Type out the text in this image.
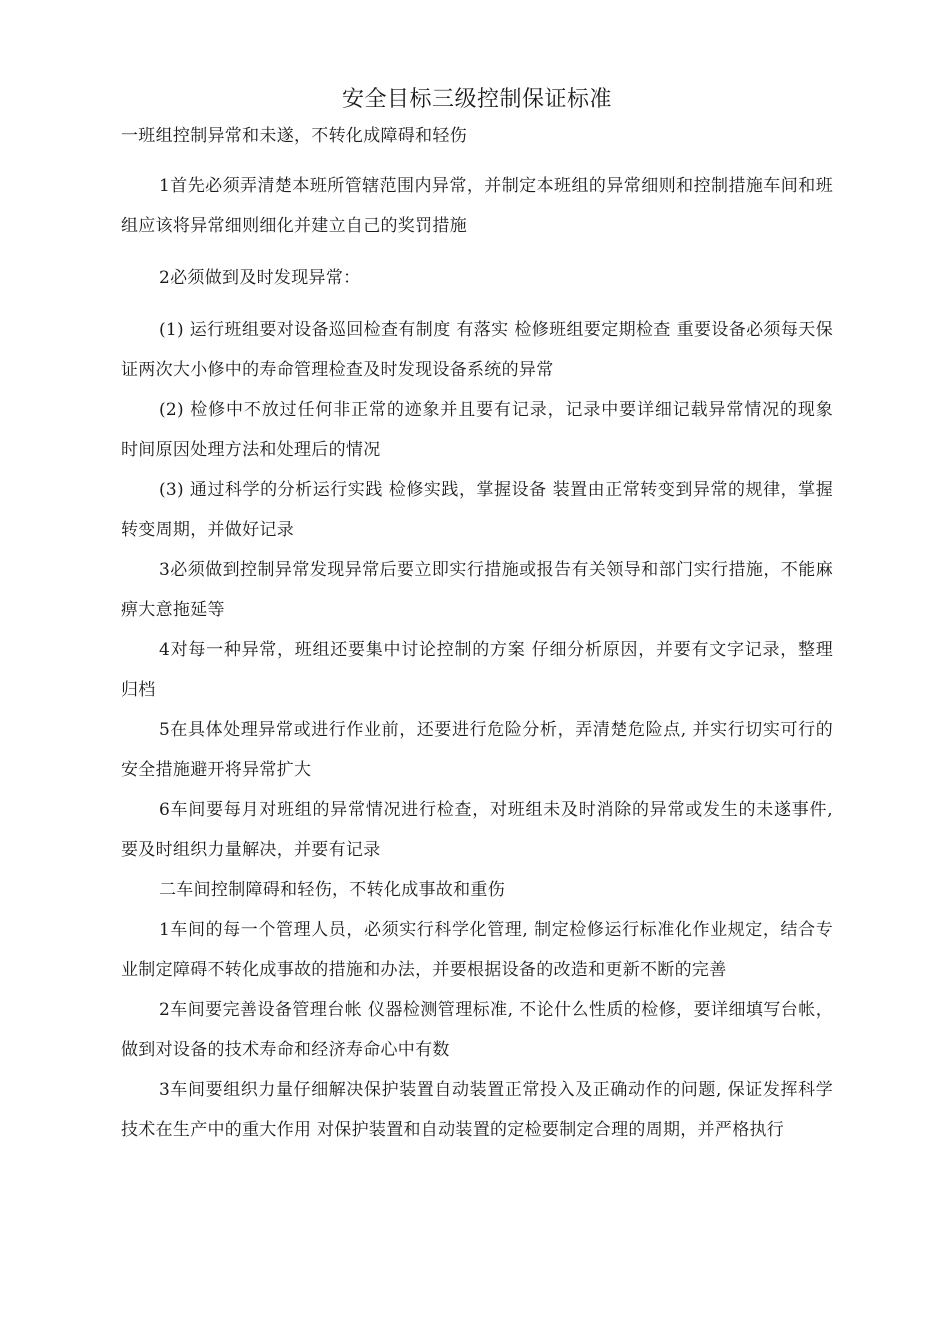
安全目标三级控制保证标准
一班组控制异常和未遂，不转化成障碍和轻伤

1首先必须弄清楚本班所管辖范围内异常，并制定本班组的异常细则和控制措施车间和班组应该将异常细则细化并建立自己的奖罚措施

2必须做到及时发现异常：

(1) 运行班组要对设备巡回检查有制度 有落实 检修班组要定期检查 重要设备必须每天保证两次大小修中的寿命管理检查及时发现设备系统的异常

(2) 检修中不放过任何非正常的迹象并且要有记录，记录中要详细记载异常情况的现象 时间原因处理方法和处理后的情况

(3) 通过科学的分析运行实践 检修实践，掌握设备 装置由正常转变到异常的规律，掌握转变周期，并做好记录

3必须做到控制异常发现异常后要立即实行措施或报告有关领导和部门实行措施，不能麻痹大意拖延等

4对每一种异常，班组还要集中讨论控制的方案 仔细分析原因，并要有文字记录，整理归档

5在具体处理异常或进行作业前，还要进行危险分析，弄清楚危险点, 并实行切实可行的安全措施避开将异常扩大

6车间要每月对班组的异常情况进行检查，对班组未及时消除的异常或发生的未遂事件, 要及时组织力量解决，并要有记录

二车间控制障碍和轻伤，不转化成事故和重伤

1车间的每一个管理人员，必须实行科学化管理, 制定检修运行标准化作业规定，结合专业制定障碍不转化成事故的措施和办法，并要根据设备的改造和更新不断的完善

2车间要完善设备管理台帐 仪器检测管理标准, 不论什么性质的检修，要详细填写台帐，做到对设备的技术寿命和经济寿命心中有数

3车间要组织力量仔细解决保护装置自动装置正常投入及正确动作的问题, 保证发挥科学技术在生产中的重大作用 对保护装置和自动装置的定检要制定合理的周期，并严格执行
